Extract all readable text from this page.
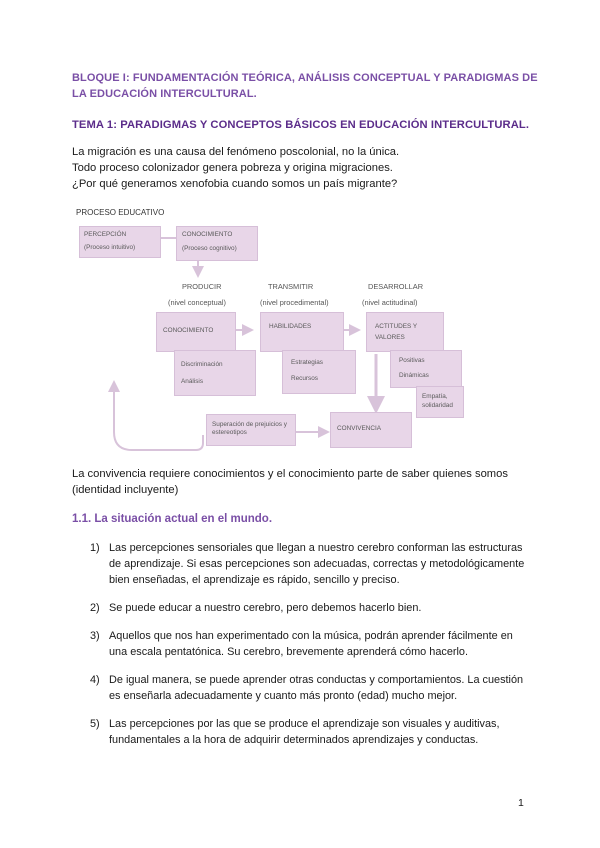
BLOQUE I: FUNDAMENTACIÓN TEÓRICA, ANÁLISIS CONCEPTUAL Y PARADIGMAS DE LA EDUCACIÓN INTERCULTURAL.
TEMA 1: PARADIGMAS Y CONCEPTOS BÁSICOS EN EDUCACIÓN INTERCULTURAL.
La migración es una causa del fenómeno poscolonial, no la única.
Todo proceso colonizador genera pobreza y origina migraciones.
¿Por qué generamos xenofobia cuando somos un país migrante?
PROCESO EDUCATIVO
PERCEPCIÓN
(Proceso intuitivo)
CONOCIMIENTO
(Proceso cognitivo)
PRODUCIR
(nivel conceptual)
TRANSMITIR
(nivel procedimental)
DESARROLLAR
(nivel actitudinal)
CONOCIMIENTO
HABILIDADES	ACTITUDES Y VALORES
Discriminación
Análisis
Estrategias
Recursos
Positivas
Dinámicas
Empatía, solidaridad
Superación de prejuicios y estereotipos
CONVIVENCIA
La convivencia requiere conocimientos y el conocimiento parte de saber quienes somos (identidad incluyente)
1.1. La situación actual en el mundo.
1) Las percepciones sensoriales que llegan a nuestro cerebro conforman las estructuras de aprendizaje. Si esas percepciones son adecuadas, correctas y metodológicamente bien enseñadas, el aprendizaje es rápido, sencillo y preciso.
2) Se puede educar a nuestro cerebro, pero debemos hacerlo bien.
3) Aquellos que nos han experimentado con la música, podrán aprender fácilmente en una escala pentatónica. Su cerebro, brevemente aprenderá cómo hacerlo.
4) De igual manera, se puede aprender otras conductas y comportamientos. La cuestión es enseñarla adecuadamente y cuanto más pronto (edad) mucho mejor.
5) Las percepciones por las que se produce el aprendizaje son visuales y auditivas, fundamentales a la hora de adquirir determinados aprendizajes y conductas.
1
